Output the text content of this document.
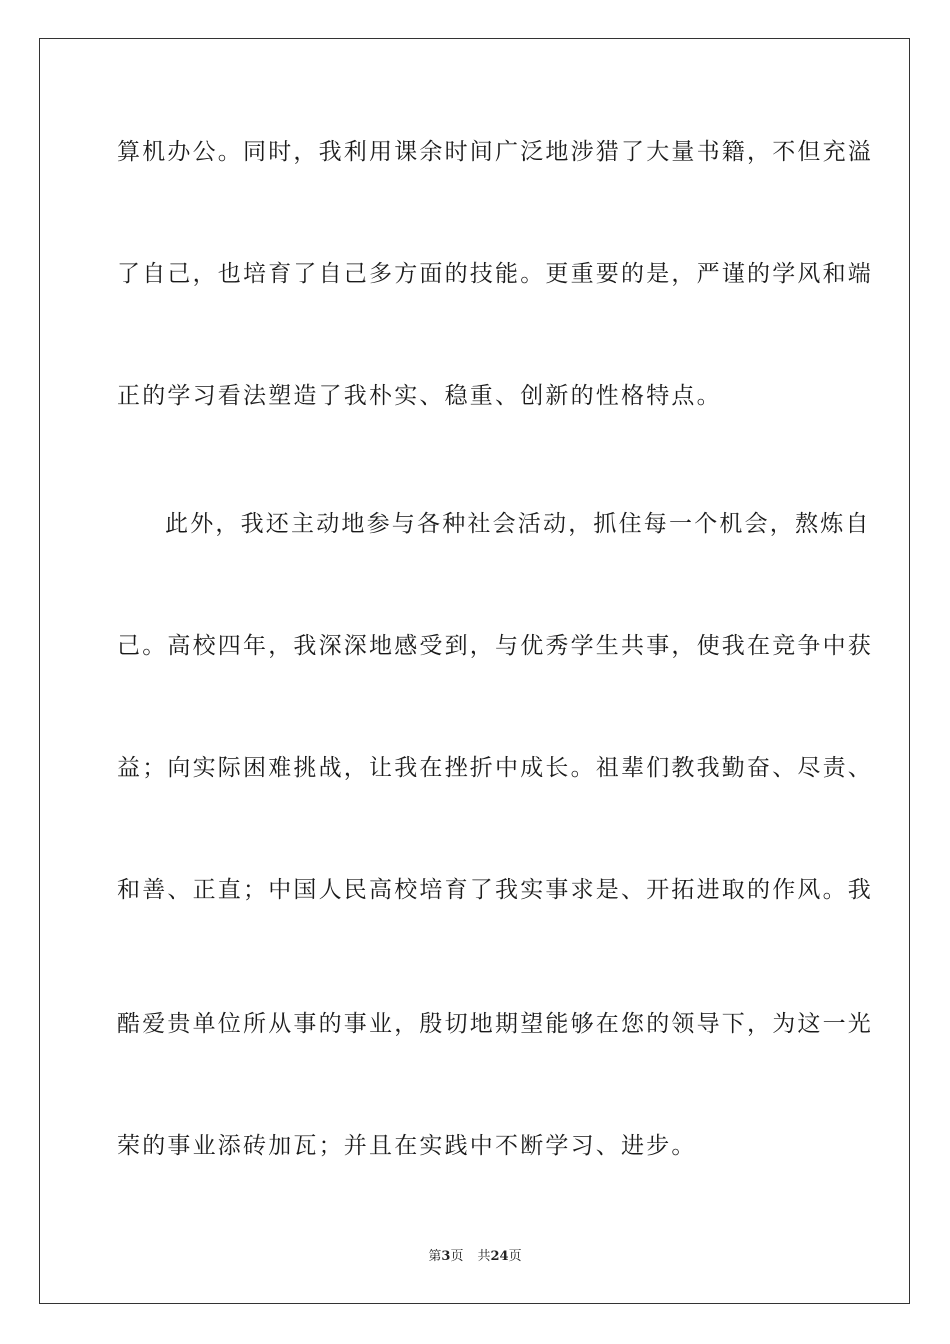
算机办公。同时，我利用课余时间广泛地涉猎了大量书籍，不但充溢
了自己，也培育了自己多方面的技能。更重要的是，严谨的学风和端
正的学习看法塑造了我朴实、稳重、创新的性格特点。
此外，我还主动地参与各种社会活动，抓住每一个机会，熬炼自
己。高校四年，我深深地感受到，与优秀学生共事，使我在竞争中获
益；向实际困难挑战，让我在挫折中成长。祖辈们教我勤奋、尽责、
和善、正直；中国人民高校培育了我实事求是、开拓进取的作风。我
酷爱贵单位所从事的事业，殷切地期望能够在您的领导下，为这一光
荣的事业添砖加瓦；并且在实践中不断学习、进步。
第3页 共24页
